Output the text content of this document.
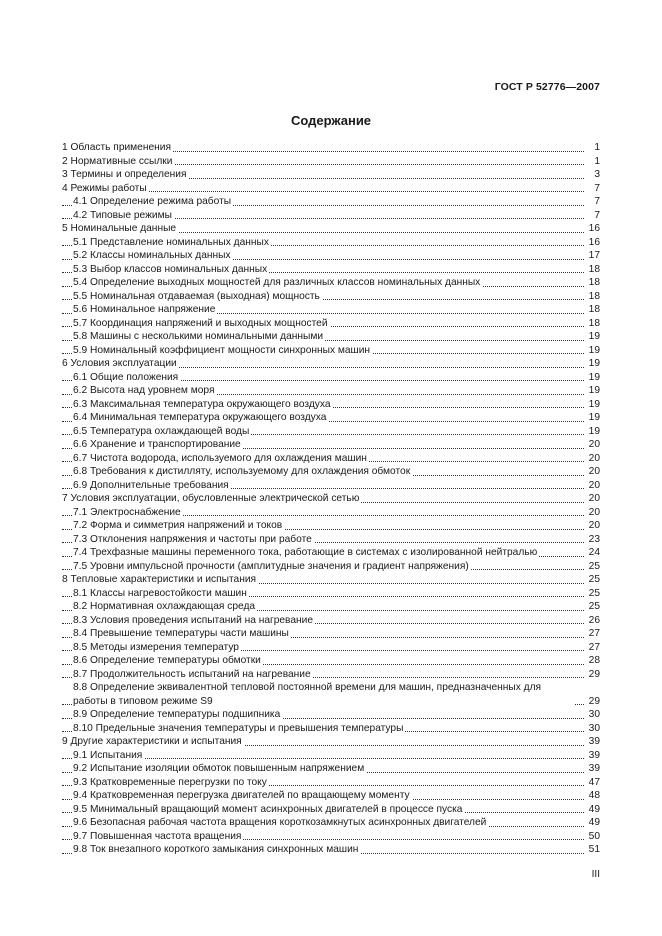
ГОСТ Р 52776—2007
Содержание
1 Область применения	1
2 Нормативные ссылки	1
3 Термины и определения	3
4 Режимы работы	7
4.1 Определение режима работы	7
4.2 Типовые режимы	7
5 Номинальные данные	16
5.1 Представление номинальных данных	16
5.2 Классы номинальных данных	17
5.3 Выбор классов номинальных данных	18
5.4 Определение выходных мощностей для различных классов номинальных данных	18
5.5 Номинальная отдаваемая (выходная) мощность	18
5.6 Номинальное напряжение	18
5.7 Координация напряжений и выходных мощностей	18
5.8 Машины с несколькими номинальными данными	19
5.9 Номинальный коэффициент мощности синхронных машин	19
6 Условия эксплуатации	19
6.1 Общие положения	19
6.2 Высота над уровнем моря	19
6.3 Максимальная температура окружающего воздуха	19
6.4 Минимальная температура окружающего воздуха	19
6.5 Температура охлаждающей воды	19
6.6 Хранение и транспортирование	20
6.7 Чистота водорода, используемого для охлаждения машин	20
6.8 Требования к дистилляту, используемому для охлаждения обмоток	20
6.9 Дополнительные требования	20
7 Условия эксплуатации, обусловленные электрической сетью	20
7.1 Электроснабжение	20
7.2 Форма и симметрия напряжений и токов	20
7.3 Отклонения напряжения и частоты при работе	23
7.4 Трехфазные машины переменного тока, работающие в системах с изолированной нейтралью	24
7.5 Уровни импульсной прочности (амплитудные значения и градиент напряжения)	25
8 Тепловые характеристики и испытания	25
8.1 Классы нагревостойкости машин	25
8.2 Нормативная охлаждающая среда	25
8.3 Условия проведения испытаний на нагревание	26
8.4 Превышение температуры части машины	27
8.5 Методы измерения температур	27
8.6 Определение температуры обмотки	28
8.7 Продолжительность испытаний на нагревание	29
8.8 Определение эквивалентной тепловой постоянной времени для машин, предназначенных для работы в типовом режиме S9	29
8.9 Определение температуры подшипника	30
8.10 Предельные значения температуры и превышения температуры	30
9 Другие характеристики и испытания	39
9.1 Испытания	39
9.2 Испытание изоляции обмоток повышенным напряжением	39
9.3 Кратковременные перегрузки по току	47
9.4 Кратковременная перегрузка двигателей по вращающему моменту	48
9.5 Минимальный вращающий момент асинхронных двигателей в процессе пуска	49
9.6 Безопасная рабочая частота вращения короткозамкнутых асинхронных двигателей	49
9.7 Повышенная частота вращения	50
9.8 Ток внезапного короткого замыкания синхронных машин	51
III
